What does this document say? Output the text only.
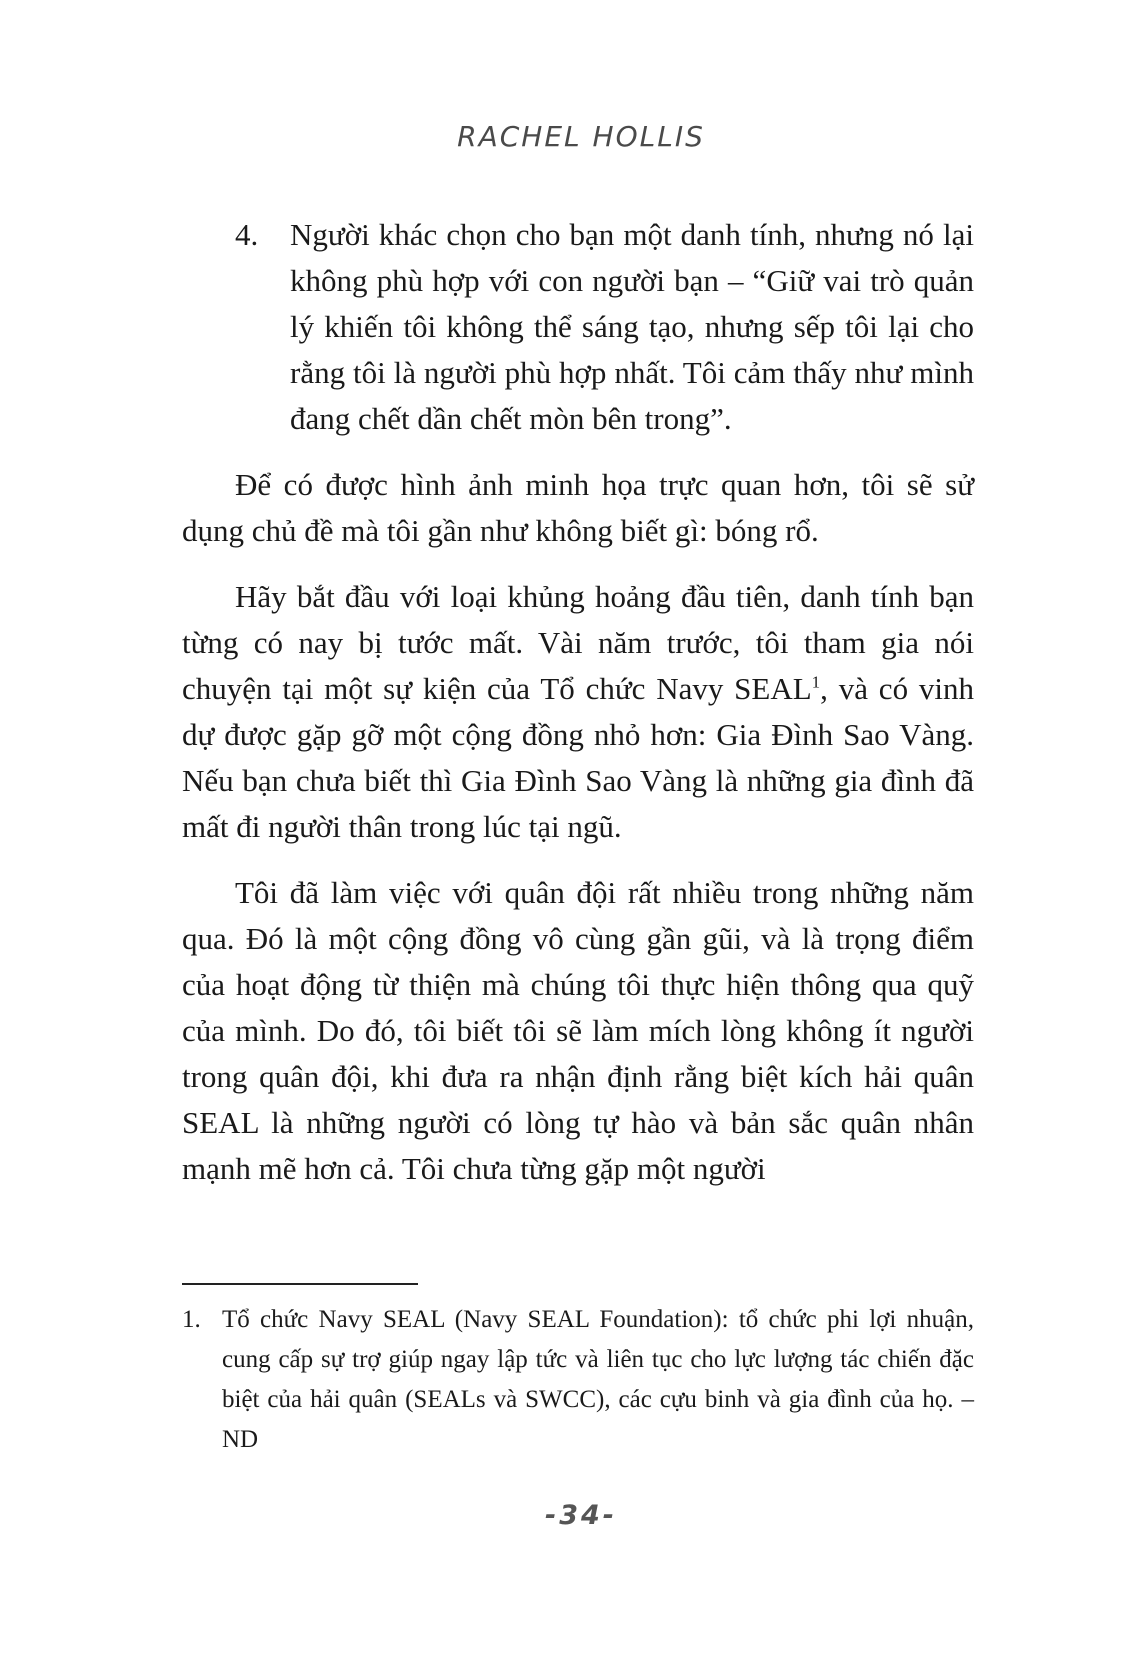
RACHEL HOLLIS
4. Người khác chọn cho bạn một danh tính, nhưng nó lại không phù hợp với con người bạn – “Giữ vai trò quản lý khiến tôi không thể sáng tạo, nhưng sếp tôi lại cho rằng tôi là người phù hợp nhất. Tôi cảm thấy như mình đang chết dần chết mòn bên trong”.

Để có được hình ảnh minh họa trực quan hơn, tôi sẽ sử dụng chủ đề mà tôi gần như không biết gì: bóng rổ.

Hãy bắt đầu với loại khủng hoảng đầu tiên, danh tính bạn từng có nay bị tước mất. Vài năm trước, tôi tham gia nói chuyện tại một sự kiện của Tổ chức Navy SEAL$^1$, và có vinh dự được gặp gỡ một cộng đồng nhỏ hơn: Gia Đình Sao Vàng. Nếu bạn chưa biết thì Gia Đình Sao Vàng là những gia đình đã mất đi người thân trong lúc tại ngũ.

Tôi đã làm việc với quân đội rất nhiều trong những năm qua. Đó là một cộng đồng vô cùng gần gũi, và là trọng điểm của hoạt động từ thiện mà chúng tôi thực hiện thông qua quỹ của mình. Do đó, tôi biết tôi sẽ làm mích lòng không ít người trong quân đội, khi đưa ra nhận định rằng biệt kích hải quân SEAL là những người có lòng tự hào và bản sắc quân nhân mạnh mẽ hơn cả. Tôi chưa từng gặp một người

1. Tổ chức Navy SEAL (Navy SEAL Foundation): tổ chức phi lợi nhuận, cung cấp sự trợ giúp ngay lập tức và liên tục cho lực lượng tác chiến đặc biệt của hải quân (SEALs và SWCC), các cựu binh và gia đình của họ. – ND
-34-
